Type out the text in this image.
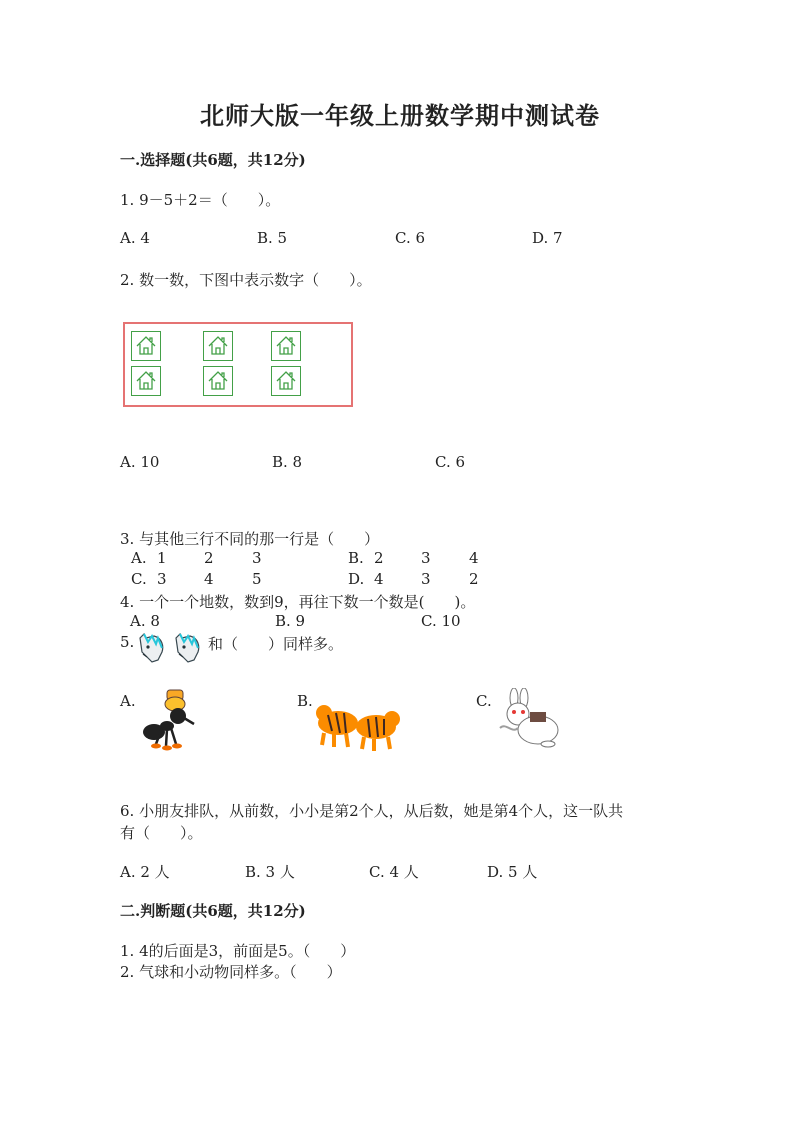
北师大版一年级上册数学期中测试卷
一.选择题(共6题，共12分)
1. 9－5＋2＝（　　）。
A. 4	B. 5	C. 6	D. 7
2. 数一数，下图中表示数字（　　）。
A. 10	B. 8	C. 6
3. 与其他三行不同的那一行是（　　）
A. 1 2	3	B. 2 3	4
C. 3 4	5	D. 4 3	2
4. 一个一个地数，数到9，再往下数一个数是(　　)。
A. 8	B. 9	C. 10
5.	和（　　）同样多。
A.	B.	C.
6. 小朋友排队，从前数，小小是第2个人，从后数，她是第4个人，这一队共
有（　　）。
A. 2 人	B. 3 人	C. 4 人	D. 5 人
二.判断题(共6题，共12分)
1. 4的后面是3，前面是5。（　　）
2. 气球和小动物同样多。（　　）
